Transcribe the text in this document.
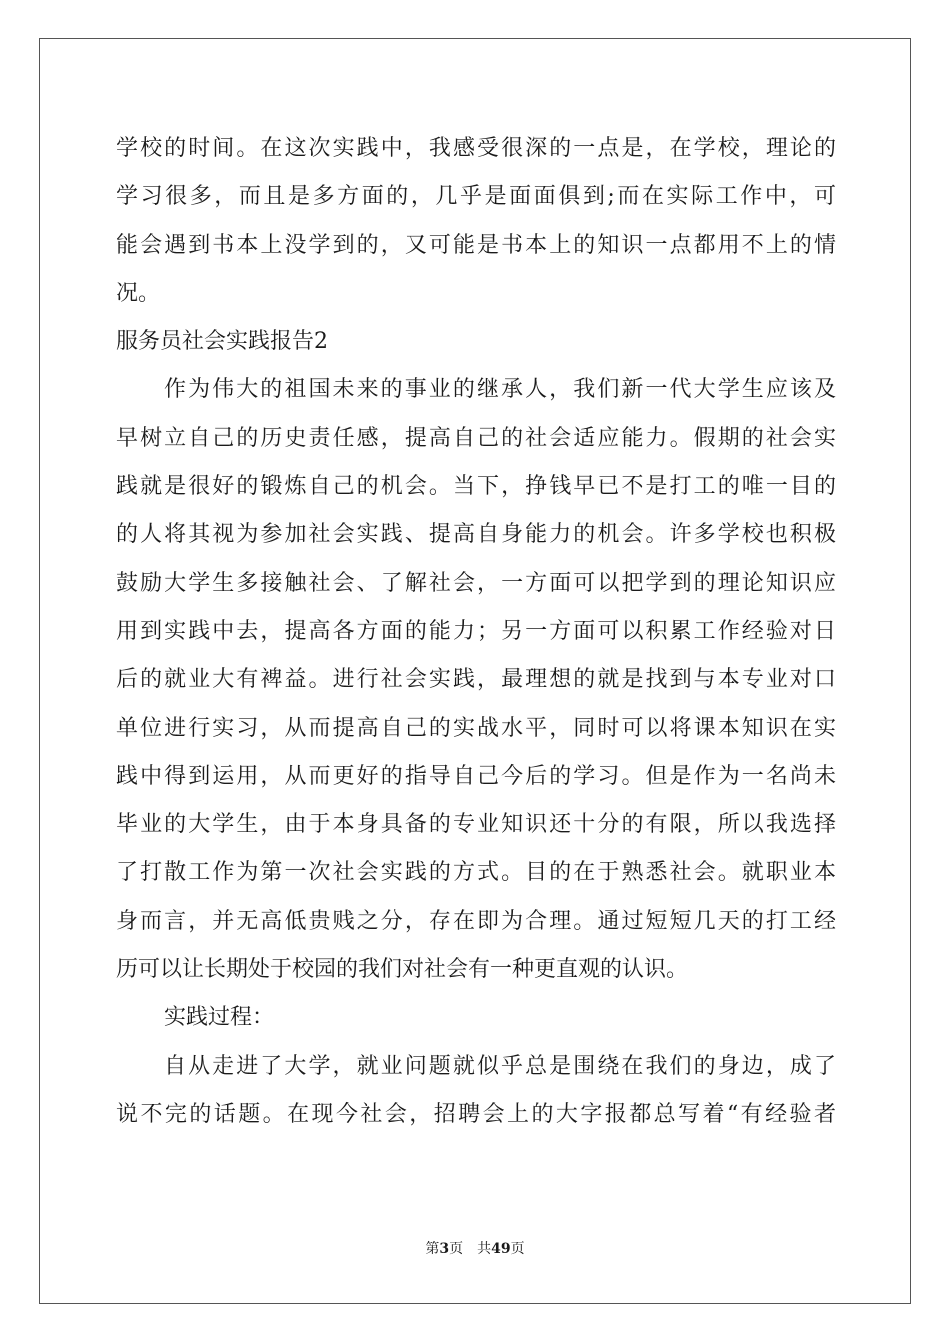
学校的时间。在这次实践中，我感受很深的一点是，在学校，理论的
学习很多，而且是多方面的，几乎是面面俱到;而在实际工作中，可
能会遇到书本上没学到的，又可能是书本上的知识一点都用不上的情
况。
服务员社会实践报告2
作为伟大的祖国未来的事业的继承人，我们新一代大学生应该及
早树立自己的历史责任感，提高自己的社会适应能力。假期的社会实
践就是很好的锻炼自己的机会。当下，挣钱早已不是打工的唯一目的
的人将其视为参加社会实践、提高自身能力的机会。许多学校也积极
鼓励大学生多接触社会、了解社会，一方面可以把学到的理论知识应
用到实践中去，提高各方面的能力；另一方面可以积累工作经验对日
后的就业大有裨益。进行社会实践，最理想的就是找到与本专业对口
单位进行实习，从而提高自己的实战水平，同时可以将课本知识在实
践中得到运用，从而更好的指导自己今后的学习。但是作为一名尚未
毕业的大学生，由于本身具备的专业知识还十分的有限，所以我选择
了打散工作为第一次社会实践的方式。目的在于熟悉社会。就职业本
身而言，并无高低贵贱之分，存在即为合理。通过短短几天的打工经
历可以让长期处于校园的我们对社会有一种更直观的认识。
实践过程：
自从走进了大学，就业问题就似乎总是围绕在我们的身边，成了
说不完的话题。在现今社会，招聘会上的大字报都总写着“有经验者
第3页 共49页
